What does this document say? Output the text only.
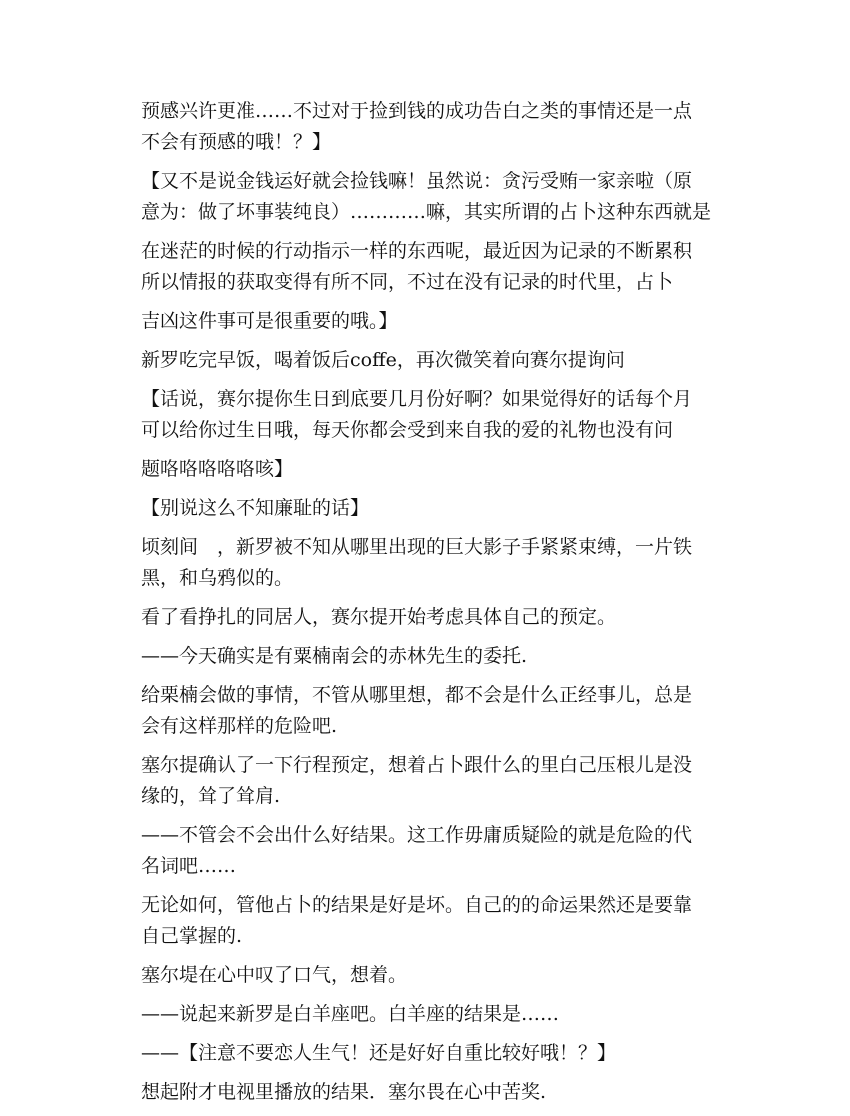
预感兴许更准……不过对于捡到钱的成功告白之类的事情还是一点
不会有预感的哦！？】

【又不是说金钱运好就会捡钱嘛！虽然说：贪污受贿一家亲啦（原
意为：做了坏事装纯良）…………嘛，其实所谓的占卜这种东西就是

在迷茫的时候的行动指示一样的东西呢，最近因为记录的不断累积
所以情报的获取变得有所不同，不过在没有记录的时代里，占卜

吉凶这件事可是很重要的哦。】

新罗吃完早饭，喝着饭后coffe，再次微笑着向赛尔提询问

【话说，赛尔提你生日到底要几月份好啊？如果觉得好的话每个月
可以给你过生日哦，每天你都会受到来自我的爱的礼物也没有问

题咯咯咯咯咯咳】

【别说这么不知廉耻的话】

顷刻间　，新罗被不知从哪里出现的巨大影子手紧紧束缚，一片铁
黑，和乌鸦似的。

看了看挣扎的同居人，赛尔提开始考虑具体自己的预定。

——今天确实是有粟楠南会的赤林先生的委托.

给栗楠会做的事情，不管从哪里想，都不会是什么正经事儿，总是
会有这样那样的危险吧.

塞尔提确认了一下行程预定，想着占卜跟什么的里白己压根儿是没
缘的，耸了耸肩.

——不管会不会出什么好结果。这工作毋庸质疑险的就是危险的代
名词吧……

无论如何，管他占卜的结果是好是坏。自己的的命运果然还是要靠
自己掌握的.

塞尔堤在心中叹了口气，想着。

——说起来新罗是白羊座吧。白羊座的结果是……

——【注意不要恋人生气！还是好好自重比较好哦！？】

想起附才电视里播放的结果．塞尔畏在心中苦奖.
